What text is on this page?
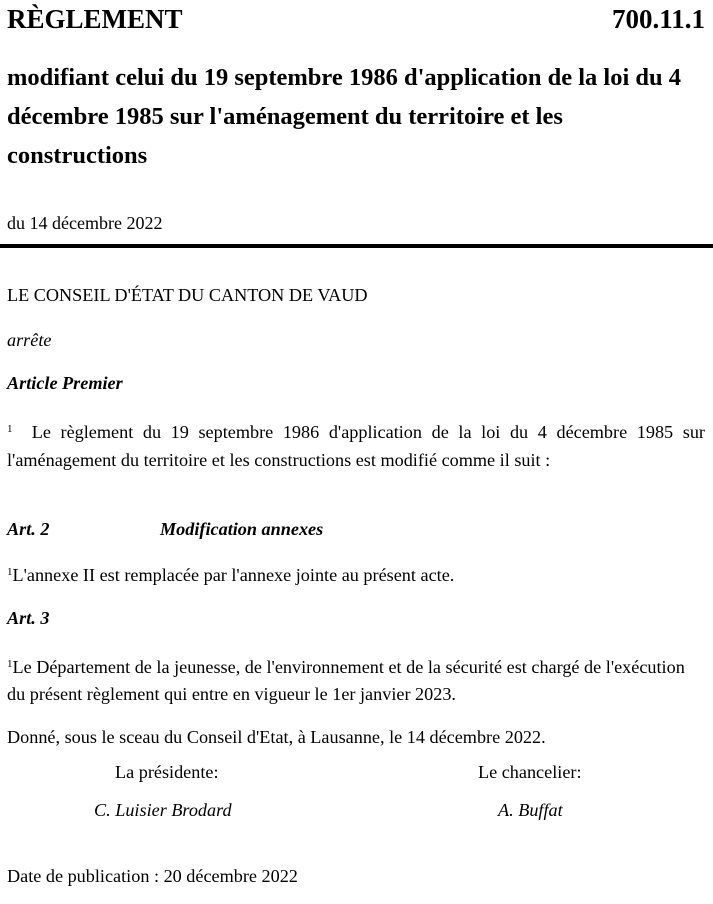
RÈGLEMENT	700.11.1
modifiant celui du 19 septembre 1986 d'application de la loi du 4 décembre 1985 sur l'aménagement du territoire et les constructions
du 14 décembre 2022
LE CONSEIL D'ÉTAT DU CANTON DE VAUD
arrête
Article Premier
$^1$ Le règlement du 19 septembre 1986 d'application de la loi du 4 décembre 1985 sur l'aménagement du territoire et les constructions est modifié comme il suit :
Art. 2	Modification annexes
$^1$L'annexe II est remplacée par l'annexe jointe au présent acte.
Art. 3
$^1$Le Département de la jeunesse, de l'environnement et de la sécurité est chargé de l'exécution du présent règlement qui entre en vigueur le 1er janvier 2023.
Donné, sous le sceau du Conseil d'Etat, à Lausanne, le 14 décembre 2022.
La présidente:	Le chancelier:
C. Luisier Brodard	A. Buffat
Date de publication : 20 décembre 2022
